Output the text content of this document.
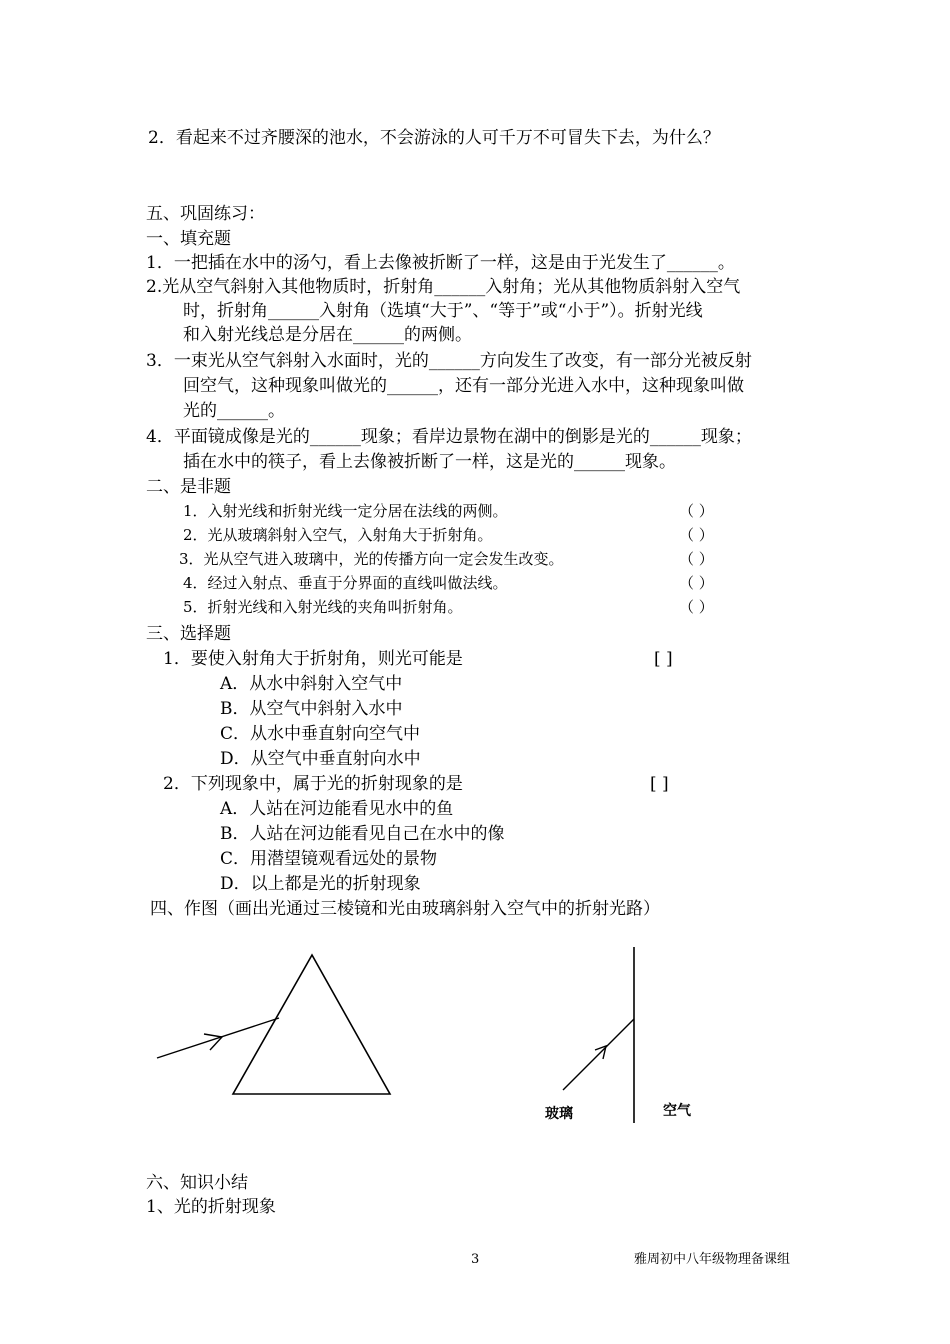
2．看起来不过齐腰深的池水，不会游泳的人可千万不可冒失下去，为什么？
五、巩固练习：
一、填充题
1．一把插在水中的汤勺，看上去像被折断了一样，这是由于光发生了______。
2.光从空气斜射入其他物质时，折射角______入射角；光从其他物质斜射入空气
时，折射角______入射角（选填“大于”、“等于”或“小于”）。折射光线
和入射光线总是分居在______的两侧。
3．一束光从空气斜射入水面时，光的______方向发生了改变，有一部分光被反射
回空气，这种现象叫做光的______，还有一部分光进入水中，这种现象叫做
光的______。
4．平面镜成像是光的______现象；看岸边景物在湖中的倒影是光的______现象；
插在水中的筷子，看上去像被折断了一样，这是光的______现象。
二、是非题
1．入射光线和折射光线一定分居在法线的两侧。	（ ）
2．光从玻璃斜射入空气，入射角大于折射角。	（ ）
3．光从空气进入玻璃中，光的传播方向一定会发生改变。	（ ）
4．经过入射点、垂直于分界面的直线叫做法线。	（ ）
5．折射光线和入射光线的夹角叫折射角。	（ ）
三、选择题
1．要使入射角大于折射角，则光可能是	[ ]
A．从水中斜射入空气中
B．从空气中斜射入水中
C．从水中垂直射向空气中
D．从空气中垂直射向水中
2．下列现象中，属于光的折射现象的是	[ ]
A．人站在河边能看见水中的鱼
B．人站在河边能看见自己在水中的像
C．用潜望镜观看远处的景物
D．以上都是光的折射现象
四、作图（画出光通过三棱镜和光由玻璃斜射入空气中的折射光路）
玻璃	空气
六、知识小结
1、光的折射现象
3	雅周初中八年级物理备课组
